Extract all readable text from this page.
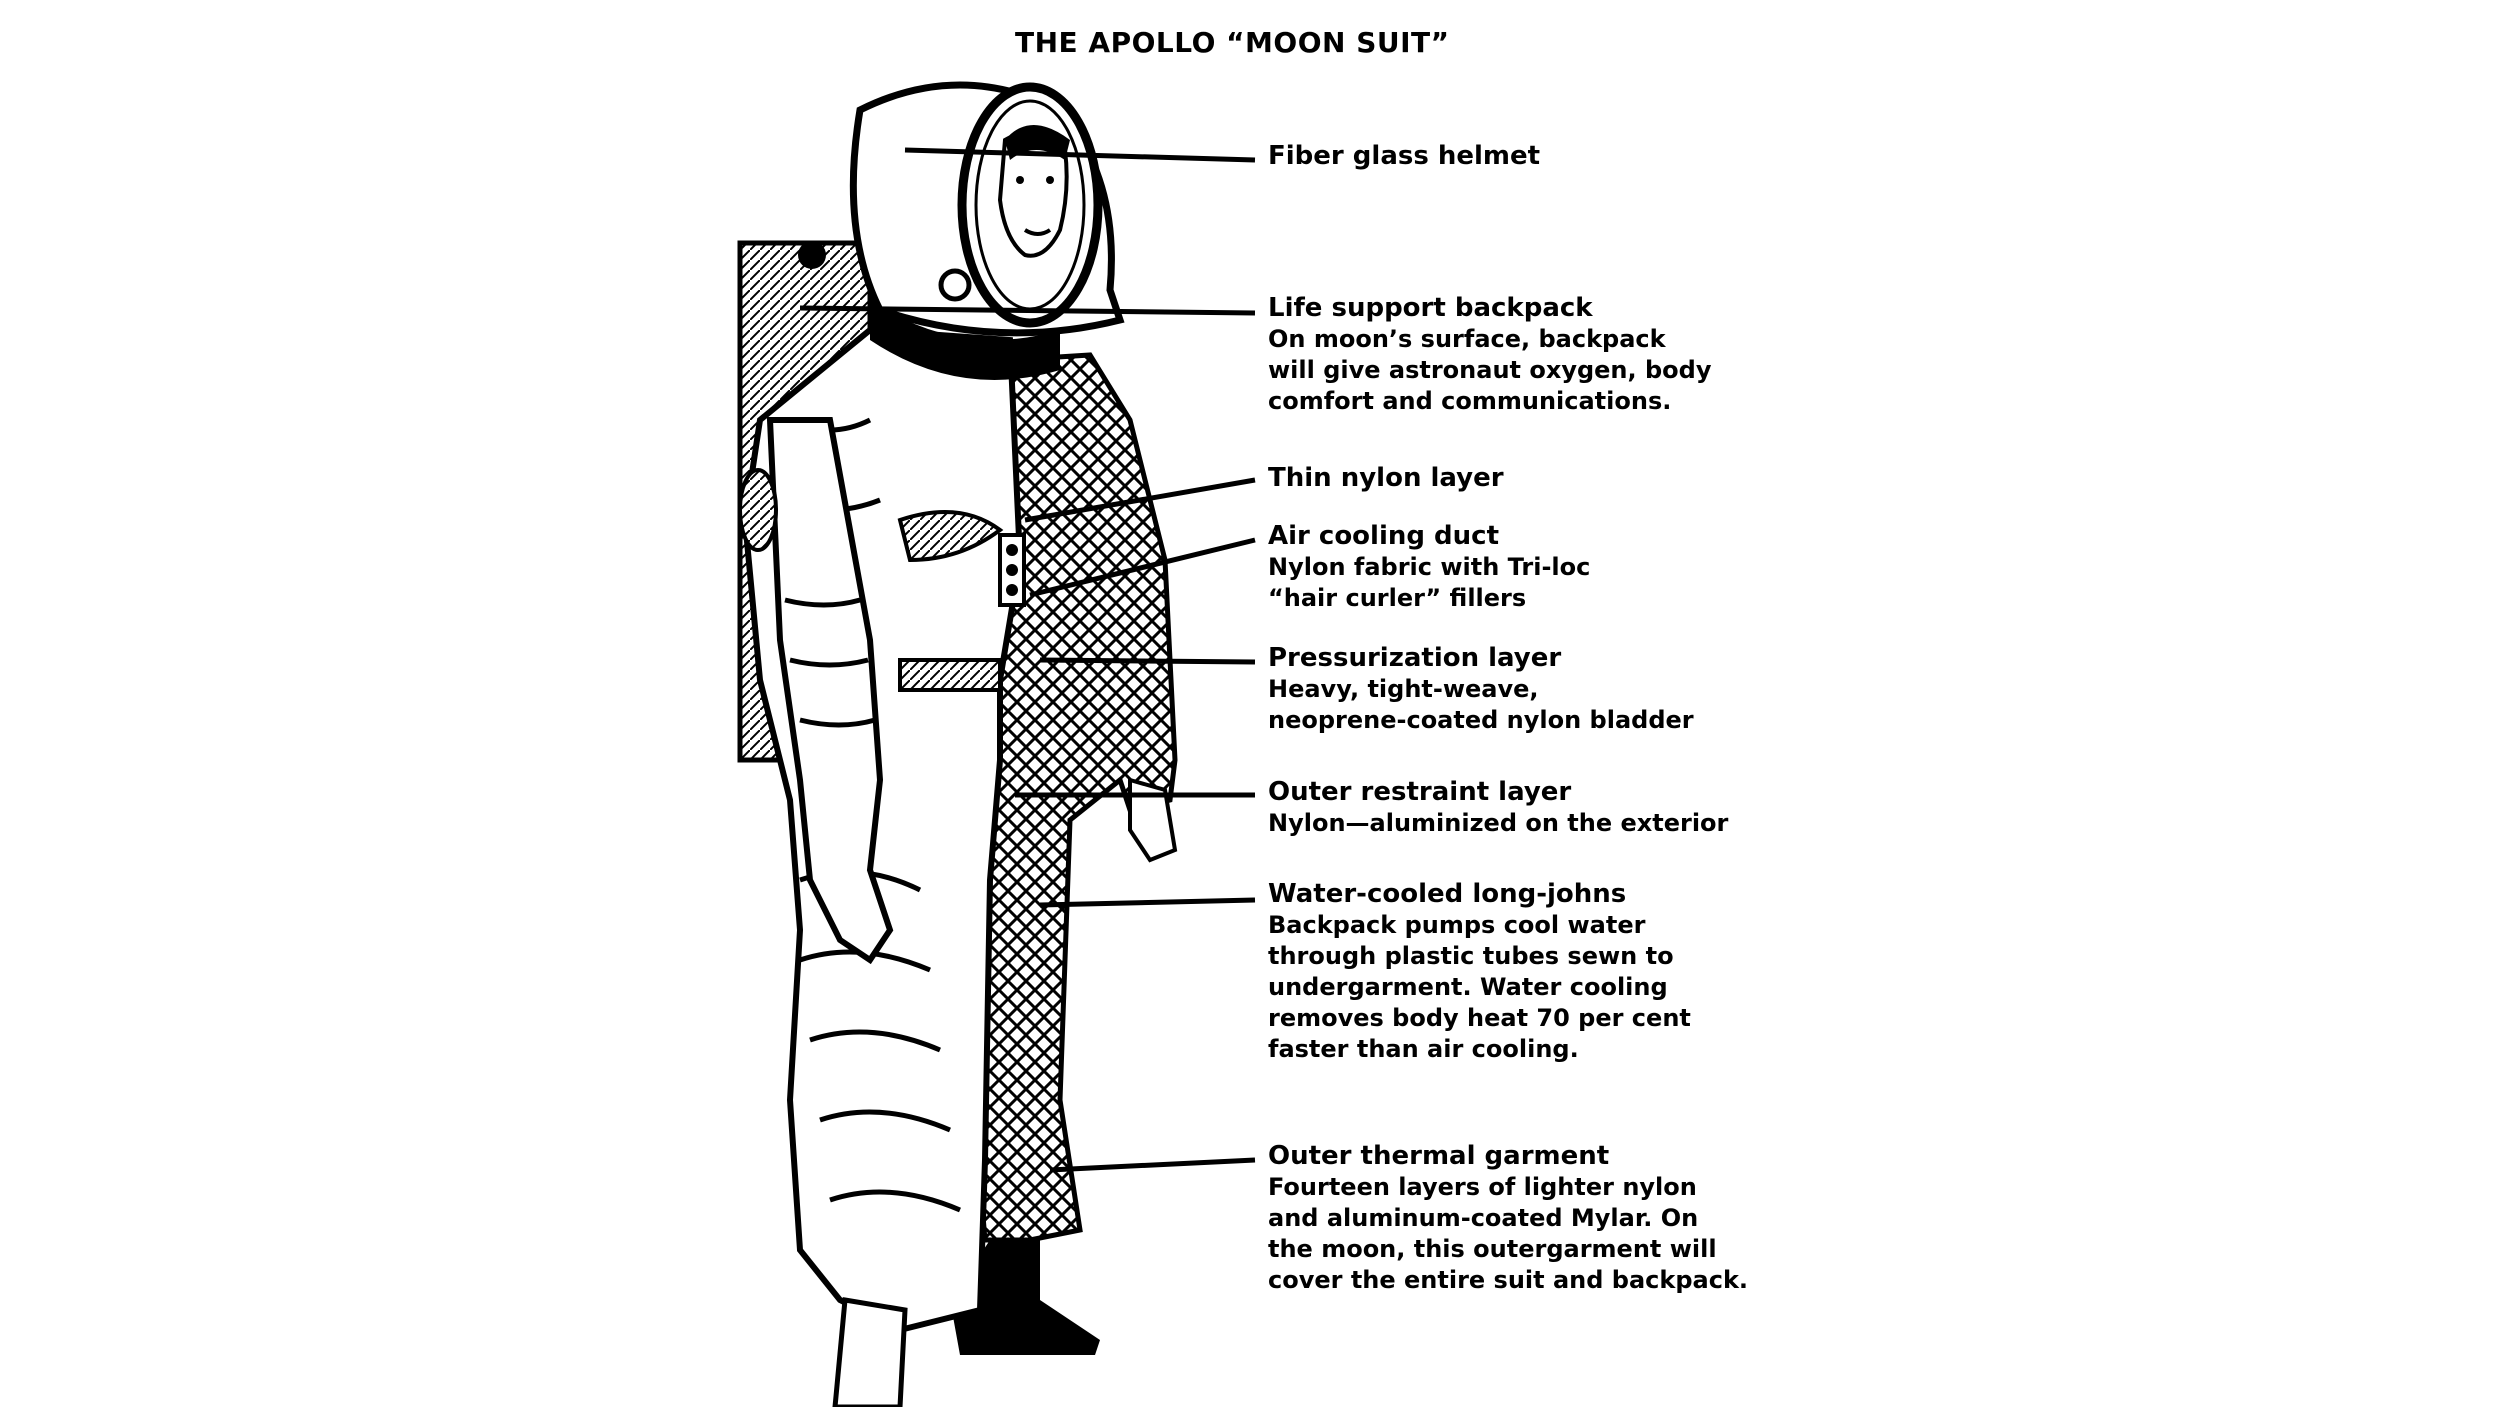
THE APOLLO “MOON SUIT”
Fiber glass helmet
Life support backpack
On moon’s surface, backpack
will give astronaut oxygen, body
comfort and communications.
Thin nylon layer
Air cooling duct
Nylon fabric with Tri-loc
“hair curler” fillers
Pressurization layer
Heavy, tight-weave,
neoprene-coated nylon bladder
Outer restraint layer
Nylon—aluminized on the exterior
Water-cooled long-johns
Backpack pumps cool water
through plastic tubes sewn to
undergarment. Water cooling
removes body heat 70 per cent
faster than air cooling.
Outer thermal garment
Fourteen layers of lighter nylon
and aluminum-coated Mylar. On
the moon, this outergarment will
cover the entire suit and backpack.
